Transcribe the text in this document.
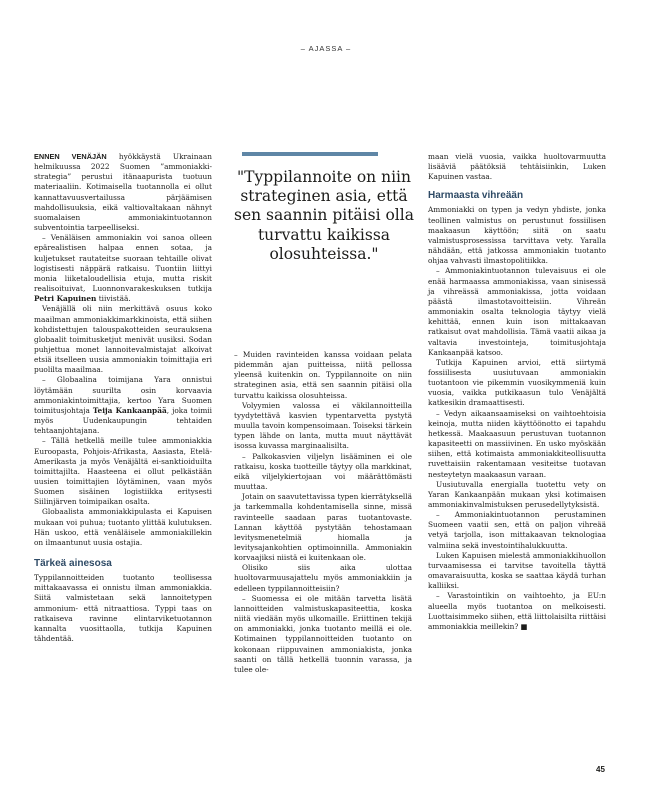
– AJASSA –

ENNEN VENÄJÄN hyökkäystä Ukrainaan helmikuussa 2022 Suomen ”ammoniakki-strategia” perustui itänaapurista tuotuun materiaaliin. Kotimaisella tuotannolla ei ollut kannattavuusvertailussa pärjäämisen mahdollisuuksia, eikä valtiovaltakaan nähnyt suomalaisen ammoniakintuotannon subventointia tarpeelliseksi.

– Venäläisen ammoniakin voi sanoa olleen epärealistisen halpaa ennen sotaa, ja kuljetukset rautateitse suoraan tehtaille olivat logistisesti näppärä ratkaisu. Tuontiin liittyi monia liiketaloudellisia etuja, mutta riskit realisoituivat, Luonnonvarakeskuksen tutkija Petri Kapuinen tiivistää.

Venäjällä oli niin merkittävä osuus koko maailman ammoniakkimarkkinoista, että siihen kohdistettujen talouspakotteiden seurauksena globaalit toimitusketjut menivät uusiksi. Sodan puhjettua monet lannoitevalmistajat alkoivat etsiä itselleen uusia ammoniakin toimittajia eri puolilta maailmaa.

– Globaalina toimijana Yara onnistui löytämään suurilta osin korvaavia ammoniakintoimittajia, kertoo Yara Suomen toimitusjohtaja Teija Kankaanpää, joka toimii myös Uudenkaupungin tehtaiden tehtaanjohtajana.

– Tällä hetkellä meille tulee ammoniakkia Euroopasta, Pohjois-Afrikasta, Aasiasta, Etelä-Amerikasta ja myös Venäjältä ei-sanktioiduilta toimittajilta. Haasteena ei ollut pelkästään uusien toimittajien löytäminen, vaan myös Suomen sisäinen logistiikka eritysesti Siilinjärven toimipaikan osalta.

Globaalista ammoniakkipulasta ei Kapuisen mukaan voi puhua; tuotanto ylittää kulutuksen. Hän uskoo, että venäläisele ammoniakillekin on ilmaantunut uusia ostajia.

Tärkeä ainesosa

Typpilannoitteiden tuotanto teollisessa mittakaavassa ei onnistu ilman ammoniakkia. Siitä valmistetaan sekä lannoitetypen ammonium- että nitraattiosa. Typpi taas on ratkaiseva ravinne elintarviketuotannon kannalta vuosittaolla, tutkija Kapuinen tähdentää.

"Typpilannoite on niin strateginen asia, että sen saannin pitäisi olla turvattu kaikissa olosuhteissa."

– Muiden ravinteiden kanssa voidaan pelata pidemmän ajan puitteissa, niitä pellossa yleensä kuitenkin on. Typpilannoite on niin strateginen asia, että sen saannin pitäisi olla turvattu kaikissa olosuhteissa.

Volyymien valossa ei väkilannoitteilla tyydytettävä kasvien typentarvetta pystytä muulla tavoin kompensoimaan. Toiseksi tärkein typen lähde on lanta, mutta muut näyttävät isossa kuvassa marginaalisilta.

– Palkokasvien viljelyn lisääminen ei ole ratkaisu, koska tuotteille täytyy olla markkinat, eikä viljelykiertojaan voi määrättömästi muuttaa.

Jotain on saavutettavissa typen kierrätyksellä ja tarkemmalla kohdentamisella sinne, missä ravinteelle saadaan paras tuotantovaste. Lannan käyttöä pystytään tehostamaan levitysmenetelmiä hiomalla ja levitysajankohtien optimoinnilla. Ammoniakin korvaajiksi niistä ei kuitenkaan ole.

Olisiko siis aika ulottaa huoltovarmuusajattelu myös ammoniakkiin ja edelleen typpilannoitteisiin?

– Suomessa ei ole mitään tarvetta lisätä lannoitteiden valmistuskapasiteettia, koska niitä viedään myös ulkomaille. Eriittinen tekijä on ammoniakki, jonka tuotanto meillä ei ole. Kotimainen typpilannoitteiden tuotanto on kokonaan riippuvainen ammoniakista, jonka saanti on tällä hetkellä tuonnin varassa, ja tulee ole-

maan vielä vuosia, vaikka huoltovarmuutta lisääviä päätöksiä tehtäisiinkin, Luken Kapuinen vastaa.

Harmaasta vihreään

Ammoniakki on typen ja vedyn yhdiste, jonka teollinen valmistus on perustunut fossiilisen maakaasun käyttöön; siitä on saatu valmistusprosessissa tarvittava vety. Yaralla nähdään, että jatkossa ammoniakin tuotanto ohjaa vahvasti ilmastopolitiikka.

– Ammoniakintuotannon tulevaisuus ei ole enää harmaassa ammoniakissa, vaan sinisessä ja vihreässä ammoniakissa, jotta voidaan päästä ilmastotavoitteisiin. Vihreän ammoniakin osalta teknologia täytyy vielä kehittää, ennen kuin ison mittakaavan ratkaisut ovat mahdollisia. Tämä vaatii aikaa ja valtavia investointeja, toimitusjohtaja Kankaanpää katsoo.

Tutkija Kapuinen arvioi, että siirtymä fossiilisesta uusiutuvaan ammoniakin tuotantoon vie pikemmin vuosikymmeniä kuin vuosia, vaikka putkikaasun tulo Venäjältä katkesikin dramaattisesti.

– Vedyn aikaansaamiseksi on vaihtoehtoisia keinoja, mutta niiden käyttöönotto ei tapahdu hetkessä. Maakaasuun perustuvan tuotannon kapasiteetti on massiivinen. En usko myöskään siihen, että kotimaista ammoniakkiteollisuutta ruvettaisiin rakentamaan vesiteitse tuotavan nesteytetyn maakaasun varaan.

Uusiutuvalla energialla tuotettu vety on Yaran Kankaanpään mukaan yksi kotimaisen ammoniakinvalmistuksen perusedellytyksistä.

– Ammoniakintuotannon perustaminen Suomeen vaatii sen, että on paljon vihreää vetyä tarjolla, ison mittakaavan teknologiaa valmiina sekä investointihalukkuutta.

Luken Kapuisen mielestä ammoniakkihuollon turvaamisessa ei tarvitse tavoitella täyttä omavaraisuutta, koska se saattaa käydä turhan kalliiksi.

– Varastointikin on vaihtoehto, ja EU:n alueella myös tuotantoa on melkoisesti. Luottaisimmeko siihen, että liittolaisilta riittäisi ammoniakkia meillekin? ■

45
